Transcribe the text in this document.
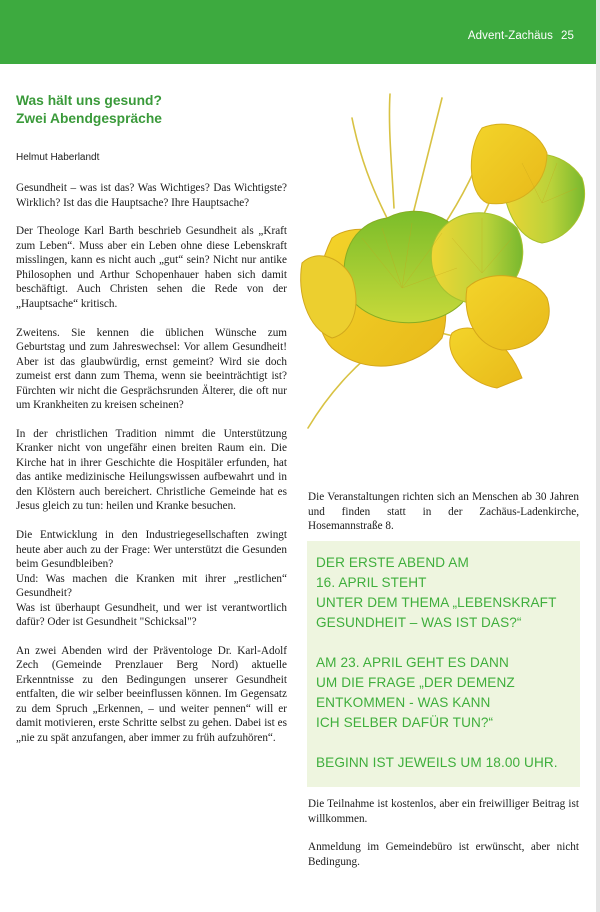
Advent-Zachäus 25
Was hält uns gesund?
Zwei Abendgespräche
Helmut Haberlandt

Gesundheit – was ist das? Was Wichtiges? Das Wichtigste? Wirklich? Ist das die Hauptsache? Ihre Hauptsache?

Der Theologe Karl Barth beschrieb Gesundheit als „Kraft zum Leben“. Muss aber ein Leben ohne diese Lebenskraft misslingen, kann es nicht auch „gut“ sein? Nicht nur antike Philosophen und Arthur Schopenhauer haben sich damit beschäftigt. Auch Christen sehen die Rede von der „Hauptsache“ kritisch.

Zweitens. Sie kennen die üblichen Wünsche zum Geburtstag und zum Jahreswechsel: Vor allem Gesundheit! Aber ist das glaubwürdig, ernst gemeint? Wird sie doch zumeist erst dann zum Thema, wenn sie beeinträchtigt ist? Fürchten wir nicht die Gesprächsrunden Älterer, die oft nur um Krankheiten zu kreisen scheinen?

In der christlichen Tradition nimmt die Unterstützung Kranker nicht von ungefähr einen breiten Raum ein. Die Kirche hat in ihrer Geschichte die Hospitäler erfunden, hat das antike medizinische Heilungswissen aufbewahrt und in den Klöstern auch bereichert. Christliche Gemeinde hat es Jesus gleich zu tun: heilen und Kranke besuchen.

Die Entwicklung in den Industriegesellschaften zwingt heute aber auch zu der Frage: Wer unterstützt die Gesunden beim Gesundbleiben?

Und: Was machen die Kranken mit ihrer „restlichen“ Gesundheit?

Was ist überhaupt Gesundheit, und wer ist verantwortlich dafür? Oder ist Gesundheit "Schicksal"?

An zwei Abenden wird der Präventologe Dr. Karl-Adolf Zech (Gemeinde Prenzlauer Berg Nord) aktuelle Erkenntnisse zu den Bedingungen unserer Gesundheit entfalten, die wir selber beeinflussen können. Im Gegensatz zu dem Spruch „Erkennen, – und weiter pennen“ will er damit motivieren, erste Schritte selbst zu gehen. Dabei ist es „nie zu spät anzufangen, aber immer zu früh aufzuhören“.

Die Veranstaltungen richten sich an Menschen ab 30 Jahren und finden statt in der Zachäus-Ladenkirche, Hosemannstraße 8.

DER ERSTE ABEND AM
16. APRIL STEHT
UNTER DEM THEMA „LEBENSKRAFT
GESUNDHEIT – WAS IST DAS?“

AM 23. APRIL GEHT ES DANN
UM DIE FRAGE „DER DEMENZ
ENTKOMMEN - WAS KANN
ICH SELBER DAFÜR TUN?“

BEGINN IST JEWEILS UM 18.00 UHR.

Die Teilnahme ist kostenlos, aber ein freiwilliger Beitrag ist willkommen.

Anmeldung im Gemeindebüro ist erwünscht, aber nicht Bedingung.
